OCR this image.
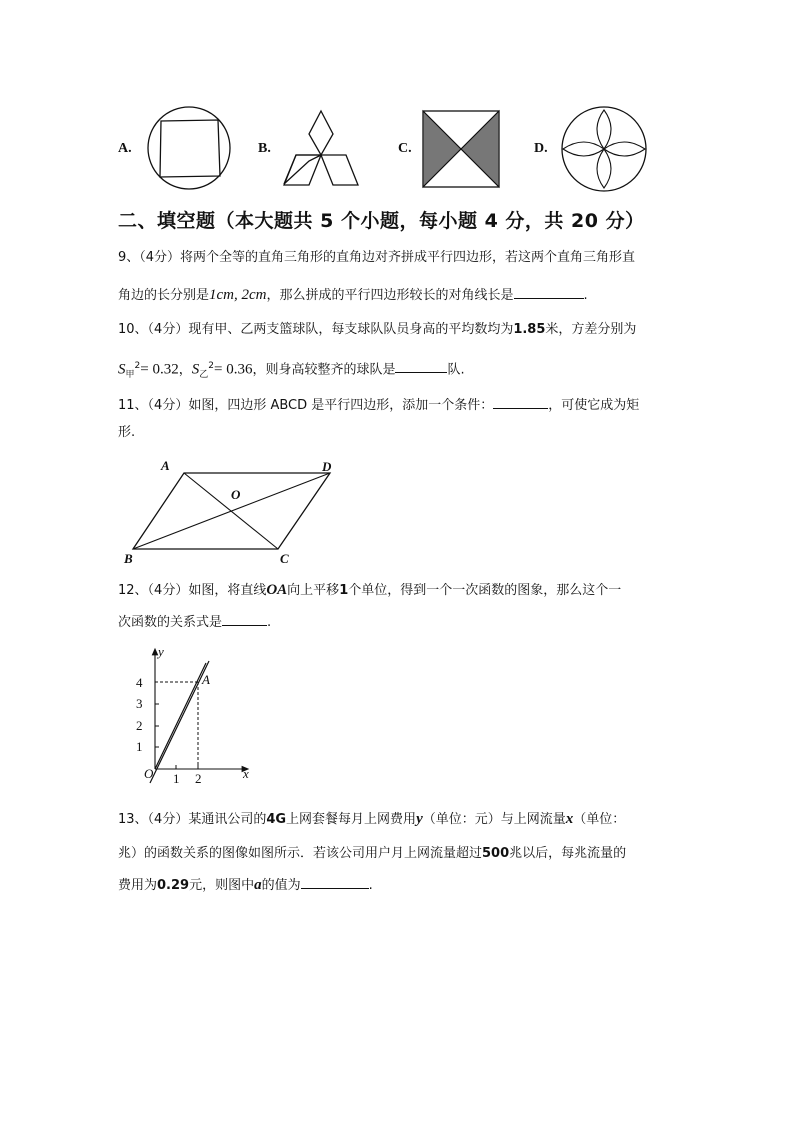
A.	B.	C.	D.
二、填空题（本大题共 5 个小题，每小题 4 分，共 20 分）
9、（4分）将两个全等的直角三角形的直角边对齐拼成平行四边形，若这两个直角三角形直
角边的长分别是1cm, 2cm，那么拼成的平行四边形较长的对角线长是	.
10、（4分）现有甲、乙两支篮球队，每支球队队员身高的平均数均为1.85米，方差分别为
$S_甲^2= 0.32$，$S_乙^2= 0.36$，则身高较整齐的球队是	队.
11、（4分）如图，四边形 ABCD 是平行四边形，添加一个条件：	，可使它成为矩
形.
A	D
O
B	C
12、（4分）如图，将直线OA向上平移1个单位，得到一个一次函数的图象，那么这个一
次函数的关系式是	.
y
x
O
A
4
3
2
1
1 2
13、（4分）某通讯公司的4G上网套餐每月上网费用y（单位：元）与上网流量x（单位：
兆）的函数关系的图像如图所示．若该公司用户月上网流量超过500兆以后，每兆流量的
费用为0.29元，则图中a的值为	.
